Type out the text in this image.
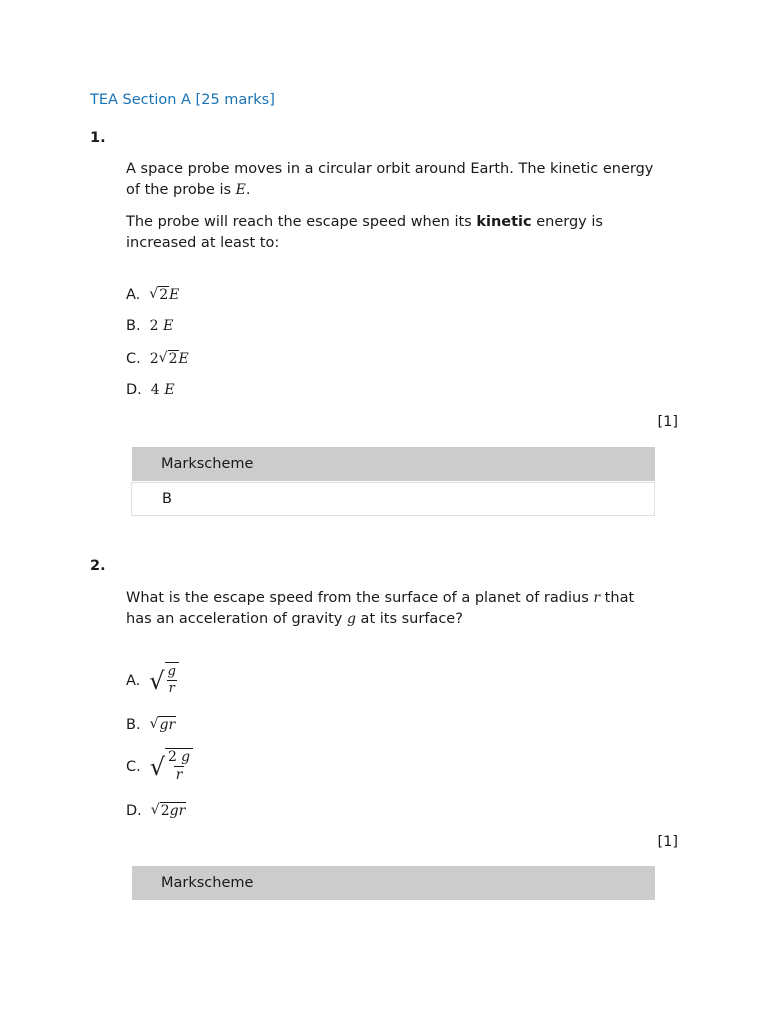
TEA Section A [25 marks]
1.
A space probe moves in a circular orbit around Earth. The kinetic energy
of the probe is E.
The probe will reach the escape speed when its kinetic energy is
increased at least to:
A. √ 2 E
B. 2
E
C. 2 √ 2 E
D. 4
E
[1]
Markscheme
B
2.
What is the escape speed from the surface of a planet of radius r that
has an acceleration of gravity g at its surface?
A. √ $\frac{g}{r}$
B. √ gr
C. √ $\frac{2 g}{r}$
D. √ 2gr
[1]
Markscheme
